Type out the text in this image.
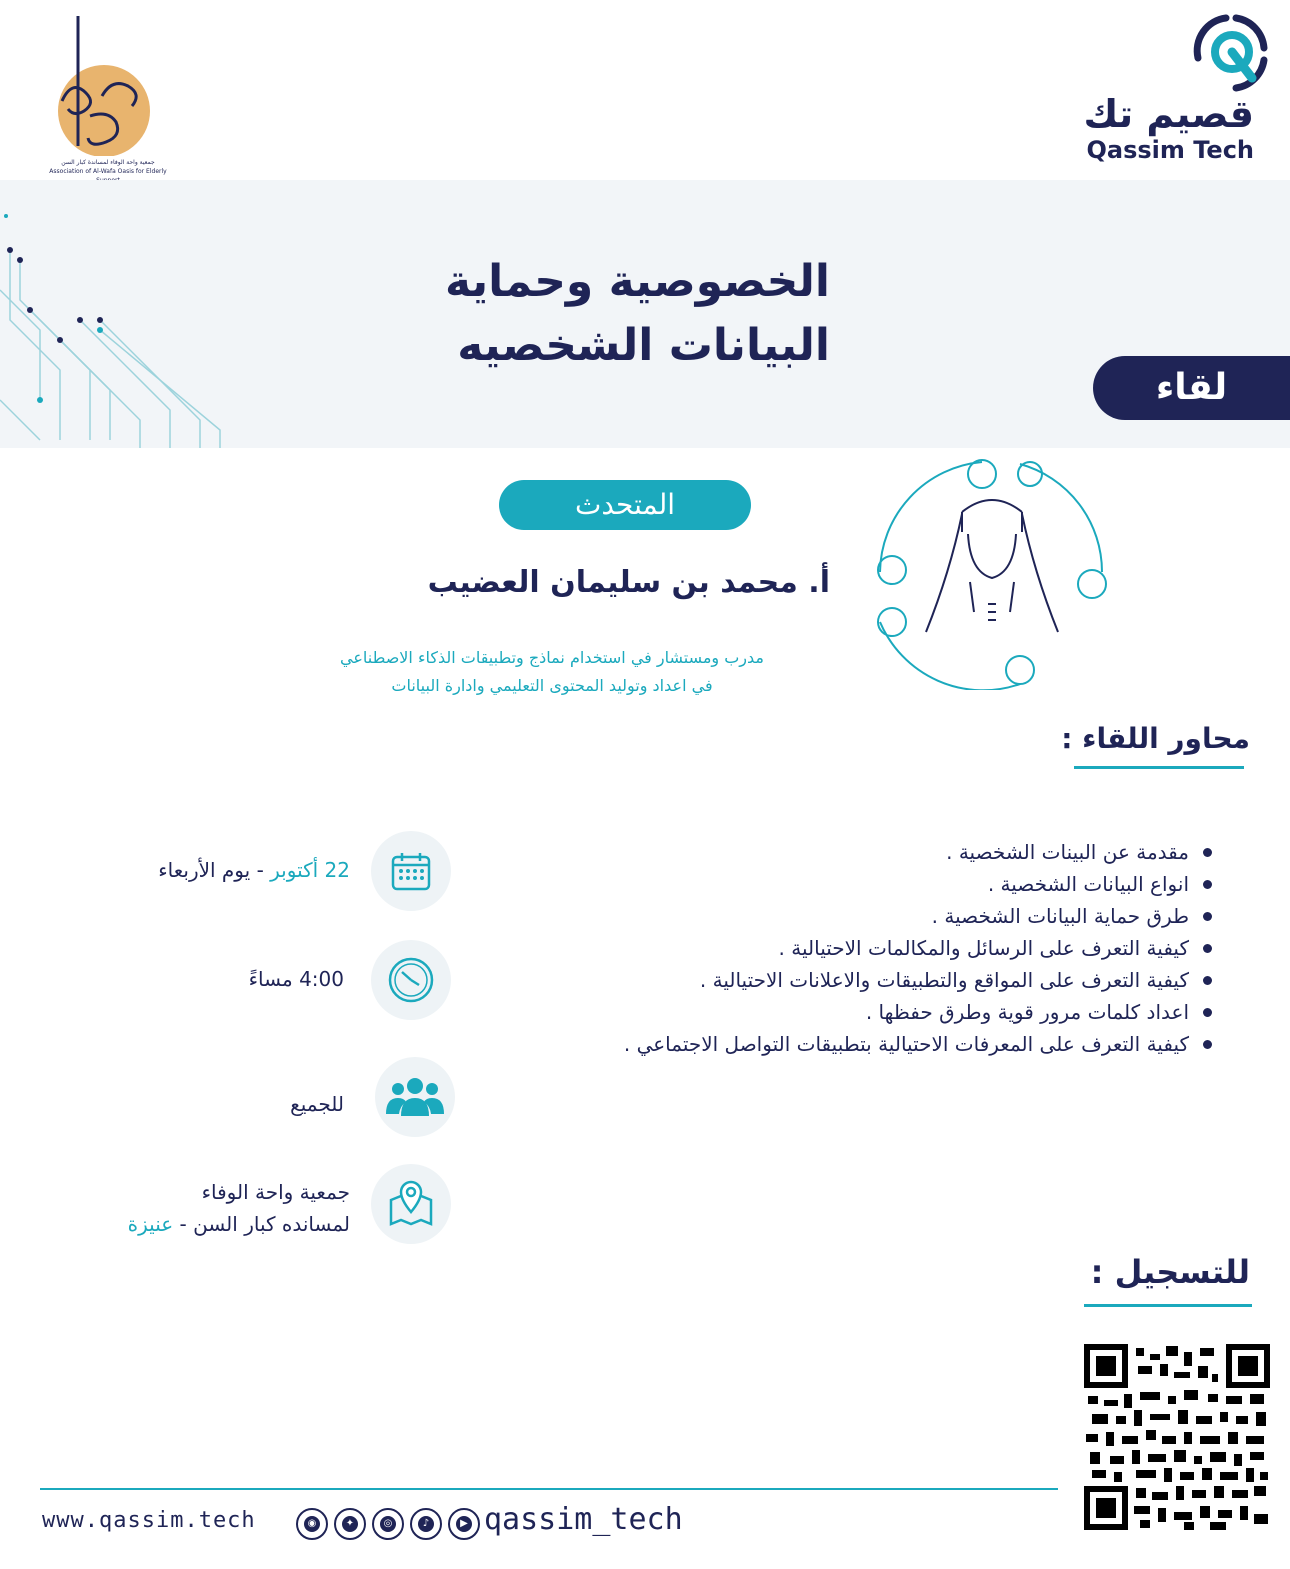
جمعية واحة الوفاء لمساندة كبار السن
Association of Al-Wafa Oasis for Elderly
قصيم تك
Qassim Tech
الخصوصية وحماية
البيانات الشخصيه
لقاء
المتحدث
أ. محمد بن سليمان العضيب
مدرب ومستشار في استخدام نماذج وتطبيقات الذكاء الاصطناعي
في اعداد وتوليد المحتوى التعليمي وادارة البيانات
محاور اللقاء :
مقدمة عن البينات الشخصية .
انواع البيانات الشخصية .
طرق حماية البيانات الشخصية .
كيفية التعرف على الرسائل والمكالمات الاحتيالية .
كيفية التعرف على المواقع والتطبيقات والاعلانات الاحتيالية .
اعداد كلمات مرور قوية وطرق حفظها .
كيفية التعرف على المعرفات الاحتيالية بتطبيقات التواصل الاجتماعي .
22 أكتوبر - يوم الأربعاء
4:00 مساءً
للجميع
جمعية واحة الوفاء
لمسانده كبار السن - عنيزة
للتسجيل :
www.qassim.tech	◉	✦	◎	♪	▶ qassim_tech
